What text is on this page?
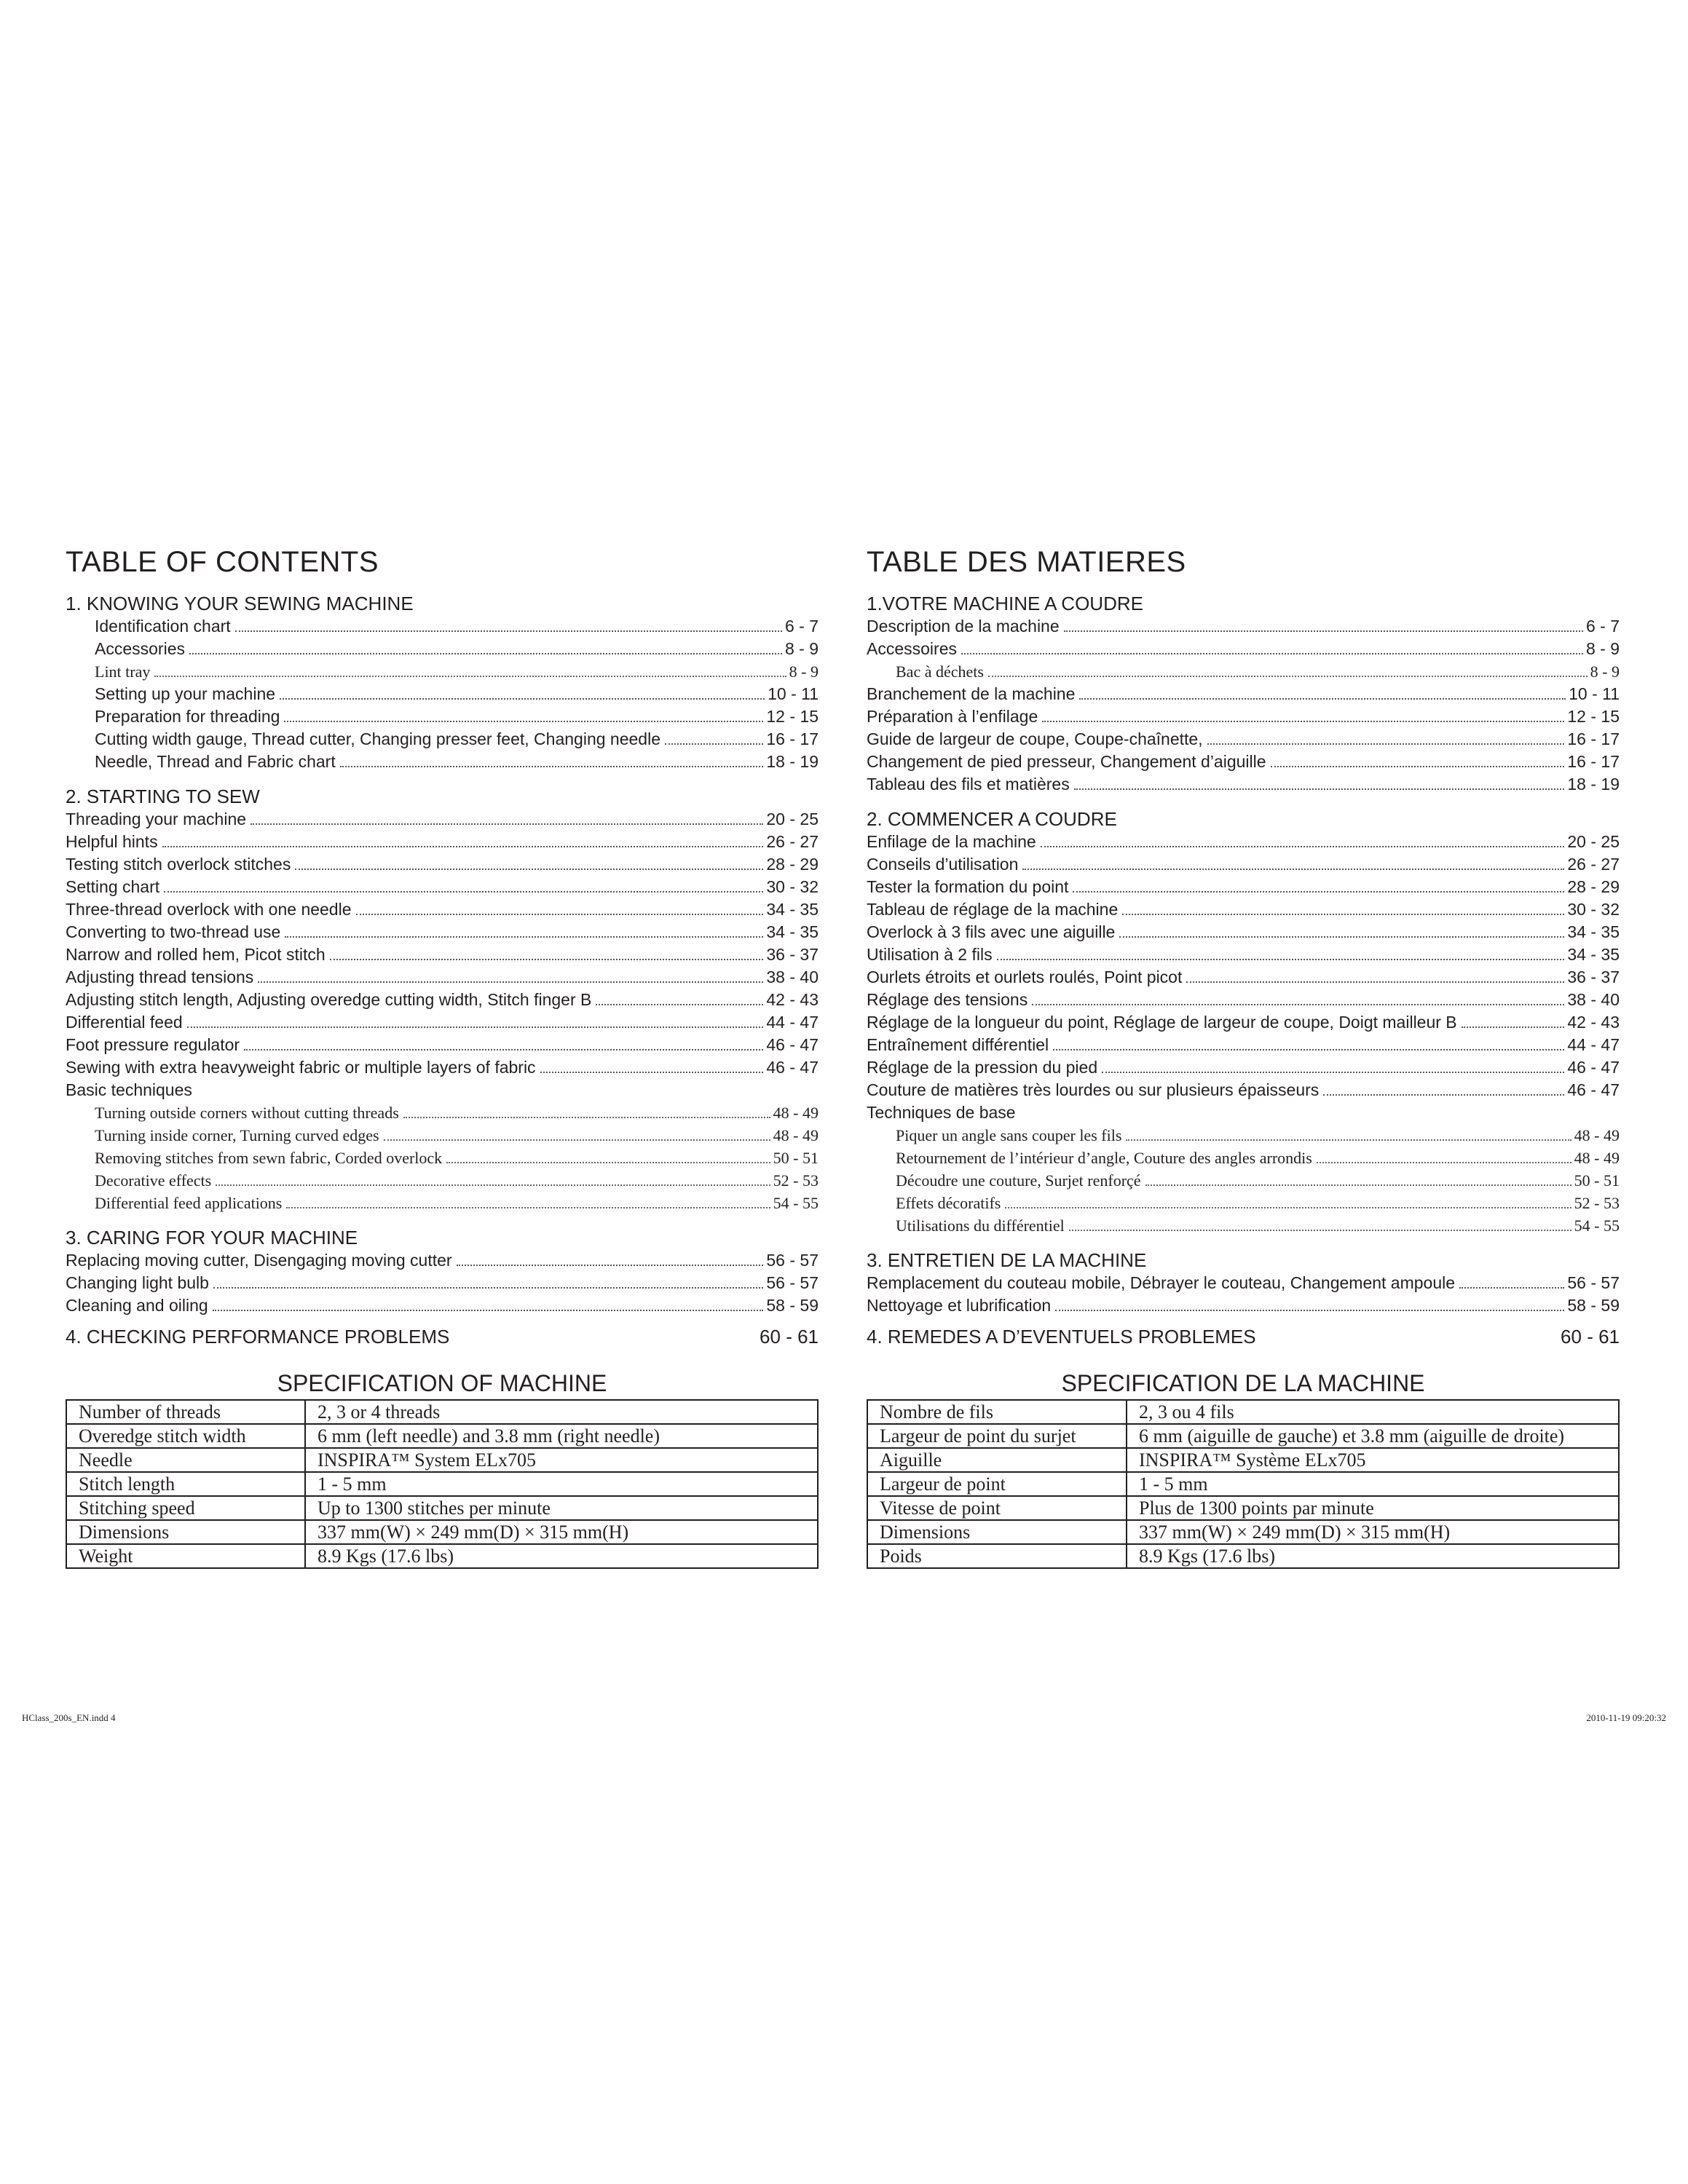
TABLE OF CONTENTS
1. KNOWING YOUR SEWING MACHINE
Identification chart	6 - 7
Accessories	8 - 9
Lint tray	8 - 9
Setting up your machine	10 - 11
Preparation for threading	12 - 15
Cutting width gauge, Thread cutter, Changing presser feet, Changing needle	16 - 17
Needle, Thread and Fabric chart	18 - 19
2. STARTING TO SEW
Threading your machine	20 - 25
Helpful hints	26 - 27
Testing stitch overlock stitches	28 - 29
Setting chart	30 - 32
Three-thread overlock with one needle	34 - 35
Converting to two-thread use	34 - 35
Narrow and rolled hem, Picot stitch	36 - 37
Adjusting thread tensions	38 - 40
Adjusting stitch length, Adjusting overedge cutting width, Stitch finger B	42 - 43
Differential feed	44 - 47
Foot pressure regulator	46 - 47
Sewing with extra heavyweight fabric or multiple layers of fabric	46 - 47
Basic techniques
Turning outside corners without cutting threads	48 - 49
Turning inside corner, Turning curved edges	48 - 49
Removing stitches from sewn fabric, Corded overlock	50 - 51
Decorative effects	52 - 53
Differential feed applications	54 - 55
3. CARING FOR YOUR MACHINE
Replacing moving cutter, Disengaging moving cutter	56 - 57
Changing light bulb	56 - 57
Cleaning and oiling	58 - 59
4. CHECKING PERFORMANCE PROBLEMS	60 - 61
SPECIFICATION OF MACHINE
Number of threads	2, 3 or 4 threads
Overedge stitch width	6 mm (left needle) and 3.8 mm (right needle)
Needle	INSPIRA™ System ELx705
Stitch length	1 - 5 mm
Stitching speed	Up to 1300 stitches per minute
Dimensions	337 mm(W) × 249 mm(D) × 315 mm(H)
Weight	8.9 Kgs (17.6 lbs)
TABLE DES MATIERES
1.VOTRE MACHINE A COUDRE
Description de la machine	6 - 7
Accessoires	8 - 9
Bac à déchets	8 - 9
Branchement de la machine	10 - 11
Préparation à l’enfilage	12 - 15
Guide de largeur de coupe, Coupe-chaînette,	16 - 17
Changement de pied presseur, Changement d’aiguille	16 - 17
Tableau des fils et matières	18 - 19
2. COMMENCER A COUDRE
Enfilage de la machine	20 - 25
Conseils d’utilisation	26 - 27
Tester la formation du point	28 - 29
Tableau de réglage de la machine	30 - 32
Overlock à 3 fils avec une aiguille	34 - 35
Utilisation à 2 fils	34 - 35
Ourlets étroits et ourlets roulés, Point picot	36 - 37
Réglage des tensions	38 - 40
Réglage de la longueur du point, Réglage de largeur de coupe, Doigt mailleur B	42 - 43
Entraînement différentiel	44 - 47
Réglage de la pression du pied	46 - 47
Couture de matières très lourdes ou sur plusieurs épaisseurs	46 - 47
Techniques de base
Piquer un angle sans couper les fils	48 - 49
Retournement de l’intérieur d’angle, Couture des angles arrondis	48 - 49
Découdre une couture, Surjet renforçé	50 - 51
Effets décoratifs	52 - 53
Utilisations du différentiel	54 - 55
3. ENTRETIEN DE LA MACHINE
Remplacement du couteau mobile, Débrayer le couteau, Changement ampoule	56 - 57
Nettoyage et lubrification	58 - 59
4. REMEDES A D’EVENTUELS PROBLEMES	60 - 61
SPECIFICATION DE LA MACHINE
Nombre de fils	2, 3 ou 4 fils
Largeur de point du surjet	6 mm (aiguille de gauche) et 3.8 mm (aiguille de droite)
Aiguille	INSPIRA™ Système ELx705
Largeur de point	1 - 5 mm
Vitesse de point	Plus de 1300 points par minute
Dimensions	337 mm(W) × 249 mm(D) × 315 mm(H)
Poids	8.9 Kgs (17.6 lbs)
HClass_200s_EN.indd 4	2010-11-19 09:20:32
